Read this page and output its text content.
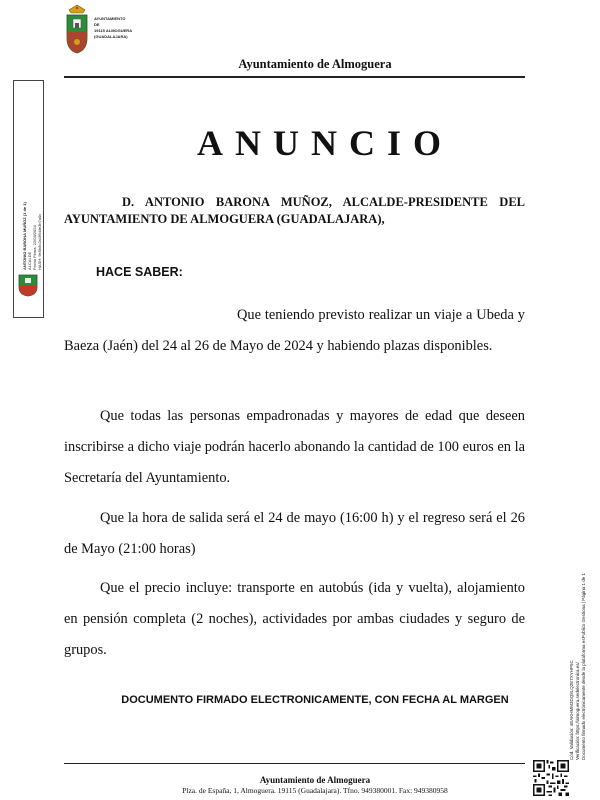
AYUNTAMIENTO
DE
19115 ALMOGUERA
(GUADALAJARA)
Ayuntamiento de Almoguera
ANTONIO BARONA MUÑOZ (1 de 1) ALCALDE Fecha Firma: 22/03/2024 HASH: 9e5b8c2a1f6d4e3b7a0c
ANUNCIO
D. ANTONIO BARONA MUÑOZ, ALCALDE-PRESIDENTE DEL AYUNTAMIENTO DE ALMOGUERA (GUADALAJARA),
HACE SABER:
Que teniendo previsto realizar un viaje a Ubeda y Baeza (Jaén) del 24 al 26 de Mayo de 2024 y habiendo plazas disponibles.
Que todas las personas empadronadas y mayores de edad que deseen inscribirse a dicho viaje podrán hacerlo abonando la cantidad de 100 euros en la Secretaría del Ayuntamiento.
Que la hora de salida será el 24 de mayo (16:00 h) y el regreso será el 26 de Mayo (21:00 horas)
Que el precio incluye: transporte en autobús (ida y vuelta), alojamiento en pensión completa (2 noches), actividades por ambas ciudades y seguro de grupos.
DOCUMENTO FIRMADO ELECTRONICAMENTE, CON FECHA AL MARGEN
Ayuntamiento de Almoguera
Plza. de España, 1, Almoguera. 19115 (Guadalajara). Tfno. 949380001. Fax: 949380958
Cód. Validación: 4EAKHMM3DQ8LQ2E7XYHP5C Verificación: https://almoguera.sedelectronica.es/ Documento firmado electrónicamente desde la plataforma esPublico Gestiona | Página 1 de 1
